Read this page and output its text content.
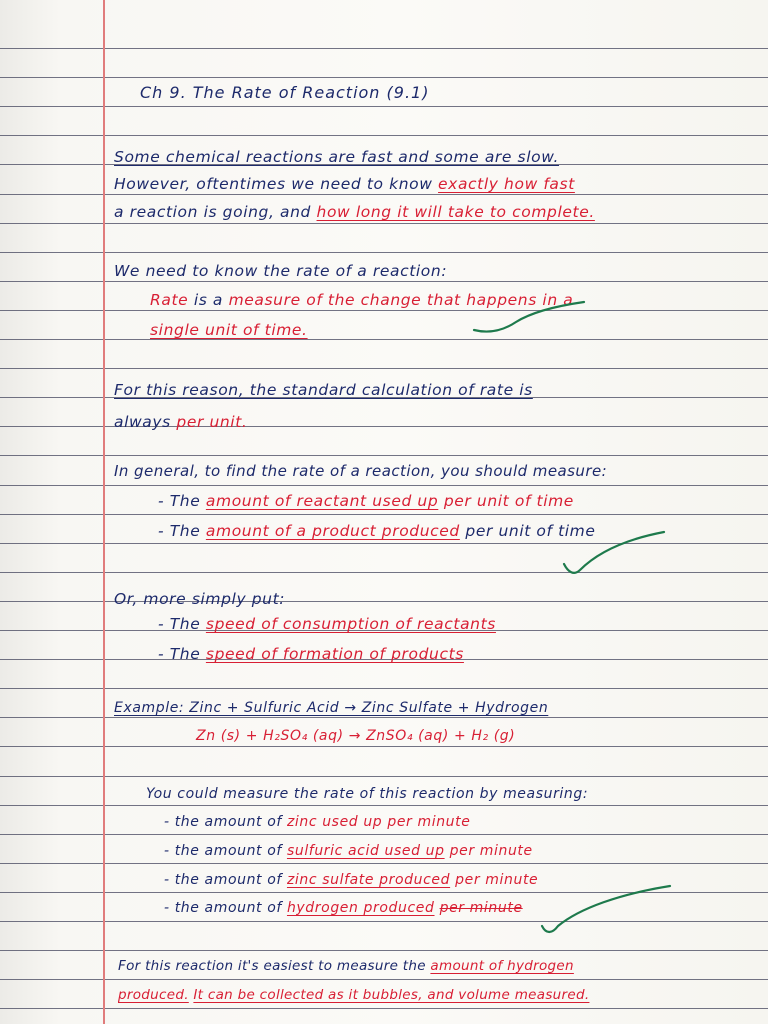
Ch 9. The Rate of Reaction (9.1)
Some chemical reactions are fast and some are slow.
However, oftentimes we need to know exactly how fast
a reaction is going, and how long it will take to complete.
We need to know the rate of a reaction:
Rate is a measure of the change that happens in a
single unit of time.
For this reason, the standard calculation of rate is
always per unit.
In general, to find the rate of a reaction, you should measure:
- The amount of reactant used up per unit of time
- The amount of a product produced per unit of time
Or, more simply put:
- The speed of consumption of reactants
- The speed of formation of products
Example: Zinc + Sulfuric Acid → Zinc Sulfate + Hydrogen
Zn (s) + H₂SO₄ (aq) → ZnSO₄ (aq) + H₂ (g)
You could measure the rate of this reaction by measuring:
- the amount of zinc used up per minute
- the amount of sulfuric acid used up per minute
- the amount of zinc sulfate produced per minute
- the amount of hydrogen produced per minute
For this reaction it's easiest to measure the amount of hydrogen
produced. It can be collected as it bubbles, and volume measured.
